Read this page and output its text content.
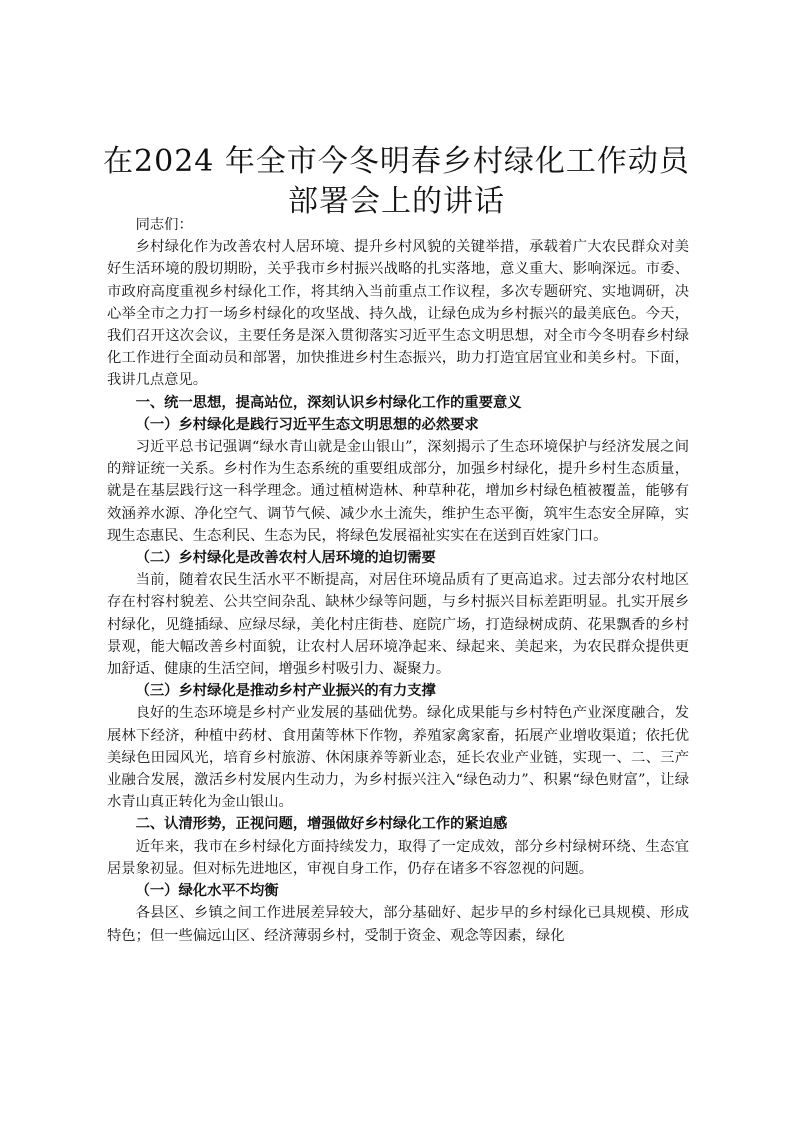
在2024 年全市今冬明春乡村绿化工作动员部署会上的讲话

同志们：

乡村绿化作为改善农村人居环境、提升乡村风貌的关键举措，承载着广大农民群众对美好生活环境的殷切期盼，关乎我市乡村振兴战略的扎实落地，意义重大、影响深远。市委、市政府高度重视乡村绿化工作，将其纳入当前重点工作议程，多次专题研究、实地调研，决心举全市之力打一场乡村绿化的攻坚战、持久战，让绿色成为乡村振兴的最美底色。今天，我们召开这次会议，主要任务是深入贯彻落实习近平生态文明思想，对全市今冬明春乡村绿化工作进行全面动员和部署，加快推进乡村生态振兴，助力打造宜居宜业和美乡村。下面，我讲几点意见。

一、统一思想，提高站位，深刻认识乡村绿化工作的重要意义

（一）乡村绿化是践行习近平生态文明思想的必然要求

习近平总书记强调“绿水青山就是金山银山”，深刻揭示了生态环境保护与经济发展之间的辩证统一关系。乡村作为生态系统的重要组成部分，加强乡村绿化，提升乡村生态质量，就是在基层践行这一科学理念。通过植树造林、种草种花，增加乡村绿色植被覆盖，能够有效涵养水源、净化空气、调节气候、减少水土流失，维护生态平衡，筑牢生态安全屏障，实现生态惠民、生态利民、生态为民，将绿色发展福祉实实在在送到百姓家门口。

（二）乡村绿化是改善农村人居环境的迫切需要

当前，随着农民生活水平不断提高，对居住环境品质有了更高追求。过去部分农村地区存在村容村貌差、公共空间杂乱、缺林少绿等问题，与乡村振兴目标差距明显。扎实开展乡村绿化，见缝插绿、应绿尽绿，美化村庄街巷、庭院广场，打造绿树成荫、花果飘香的乡村景观，能大幅改善乡村面貌，让农村人居环境净起来、绿起来、美起来，为农民群众提供更加舒适、健康的生活空间，增强乡村吸引力、凝聚力。

（三）乡村绿化是推动乡村产业振兴的有力支撑

良好的生态环境是乡村产业发展的基础优势。绿化成果能与乡村特色产业深度融合，发展林下经济，种植中药材、食用菌等林下作物，养殖家禽家畜，拓展产业增收渠道；依托优美绿色田园风光，培育乡村旅游、休闲康养等新业态，延长农业产业链，实现一、二、三产业融合发展，激活乡村发展内生动力，为乡村振兴注入“绿色动力”、积累“绿色财富”，让绿水青山真正转化为金山银山。

二、认清形势，正视问题，增强做好乡村绿化工作的紧迫感

近年来，我市在乡村绿化方面持续发力，取得了一定成效，部分乡村绿树环绕、生态宜居景象初显。但对标先进地区，审视自身工作，仍存在诸多不容忽视的问题。

（一）绿化水平不均衡

各县区、乡镇之间工作进展差异较大，部分基础好、起步早的乡村绿化已具规模、形成特色；但一些偏远山区、经济薄弱乡村，受制于资金、观念等因素，绿化
